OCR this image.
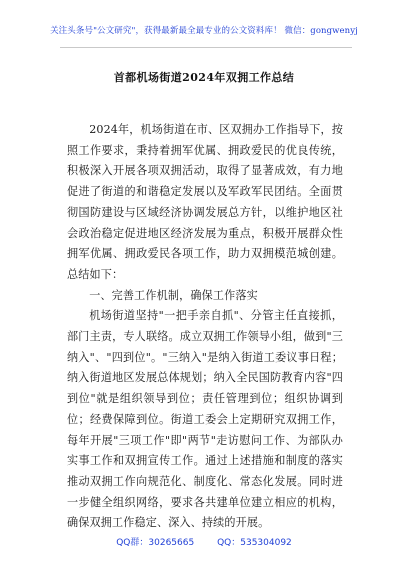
关注头条号"公文研究"，获得最新最全最专业的公文资料库！ 微信：gongwenyj
首都机场街道2024年双拥工作总结

2024年，机场街道在市、区双拥办工作指导下，按照工作要求，秉持着拥军优属、拥政爱民的优良传统，积极深入开展各项双拥活动，取得了显著成效，有力地促进了街道的和谐稳定发展以及军政军民团结。全面贯彻国防建设与区域经济协调发展总方针，以维护地区社会政治稳定促进地区经济发展为重点，积极开展群众性拥军优属、拥政爱民各项工作，助力双拥模范城创建。总结如下：

一、完善工作机制，确保工作落实

机场街道坚持"一把手亲自抓"、分管主任直接抓，部门主责，专人联络。成立双拥工作领导小组，做到"三纳入"、"四到位"。"三纳入"是纳入街道工委议事日程；纳入街道地区发展总体规划；纳入全民国防教育内容"四到位"就是组织领导到位；责任管理到位；组织协调到位；经费保障到位。街道工委会上定期研究双拥工作，每年开展"三项工作"即"两节"走访慰问工作、为部队办实事工作和双拥宣传工作。通过上述措施和制度的落实推动双拥工作向规范化、制度化、常态化发展。同时进一步健全组织网络，要求各共建单位建立相应的机构，确保双拥工作稳定、深入、持续的开展。

QQ群：30265665	QQ：535304092
